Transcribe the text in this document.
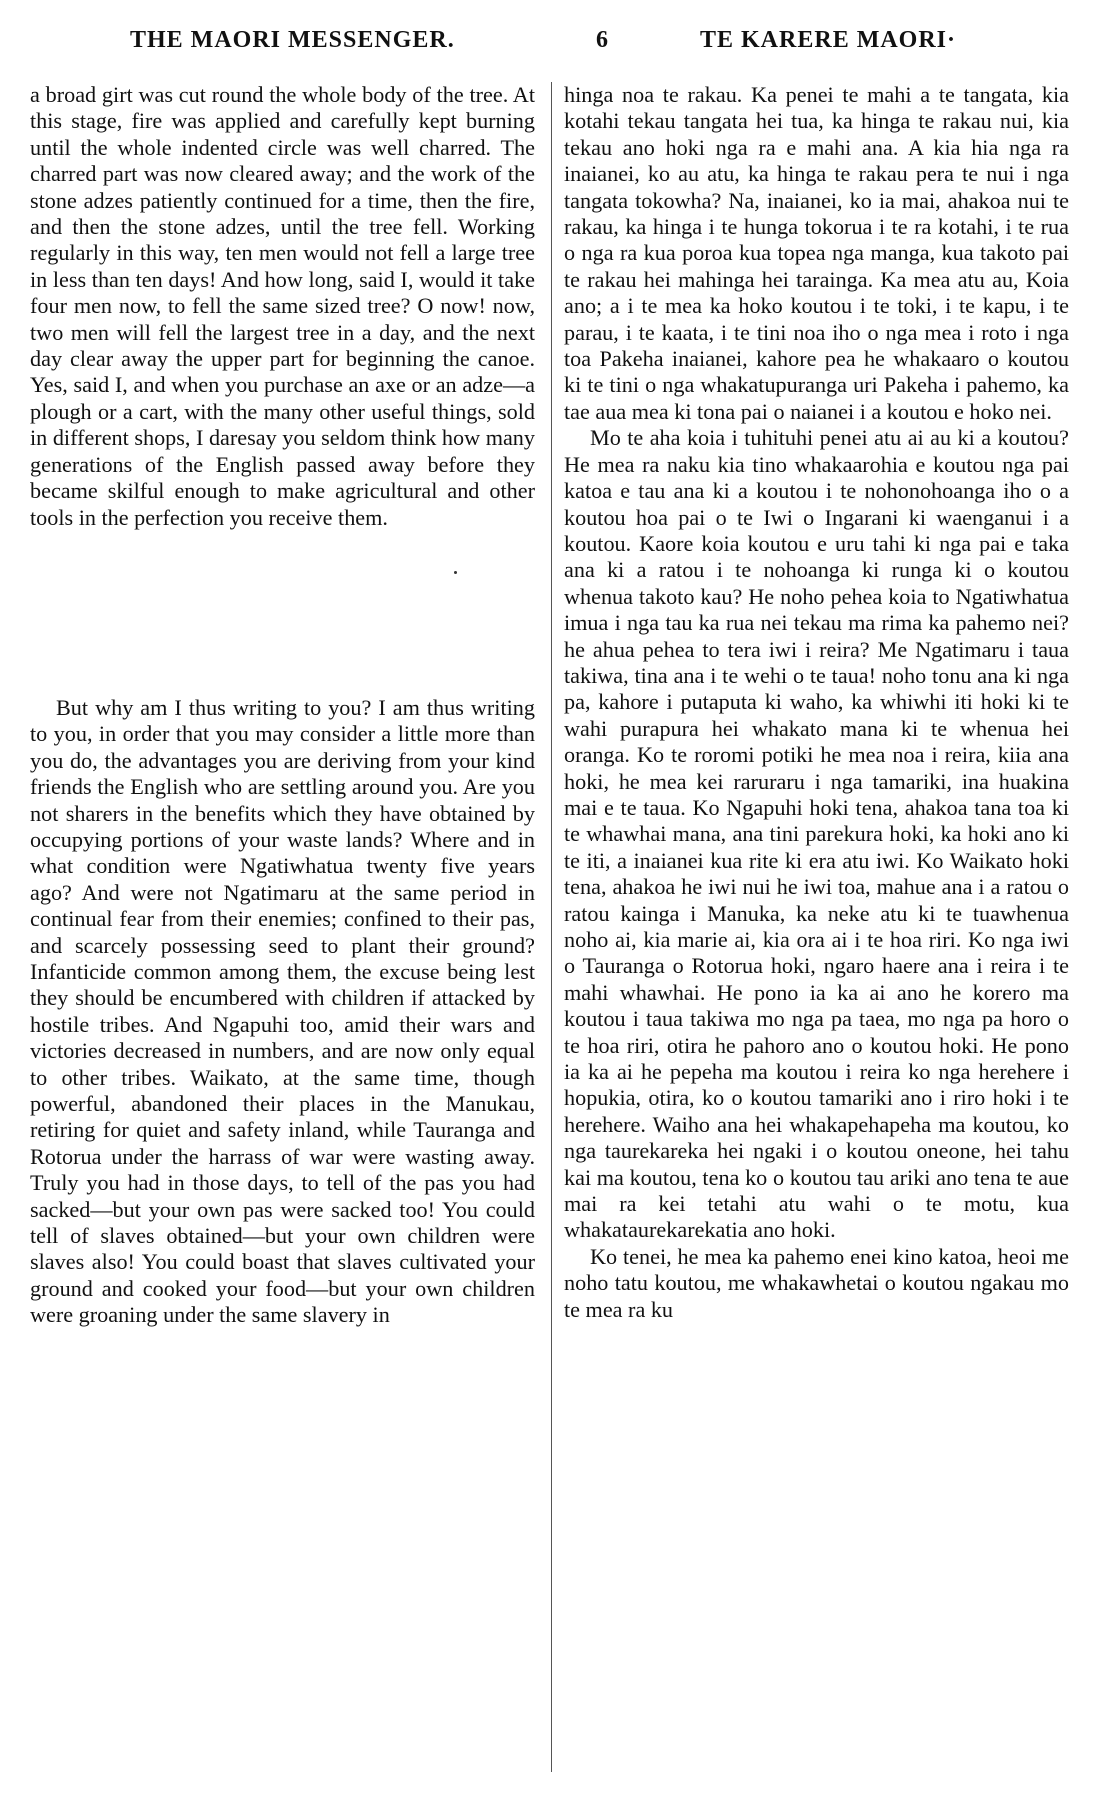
THE MAORI MESSENGER.	6	TE KARERE MAORI·

a broad girt was cut round the whole body of the tree. At this stage, fire was applied and carefully kept burning until the whole indented circle was well charred. The charred part was now cleared away; and the work of the stone adzes patiently continued for a time, then the fire, and then the stone adzes, until the tree fell. Working regularly in this way, ten men would not fell a large tree in less than ten days! And how long, said I, would it take four men now, to fell the same sized tree? O now! now, two men will fell the largest tree in a day, and the next day clear away the upper part for beginning the canoe. Yes, said I, and when you purchase an axe or an adze—a plough or a cart, with the many other useful things, sold in different shops, I daresay you seldom think how many generations of the English passed away before they became skilful enough to make agricultural and other tools in the perfection you receive them.

But why am I thus writing to you? I am thus writing to you, in order that you may consider a little more than you do, the advantages you are deriving from your kind friends the English who are settling around you. Are you not sharers in the benefits which they have obtained by occupying portions of your waste lands? Where and in what condition were Ngatiwhatua twenty five years ago? And were not Ngatimaru at the same period in continual fear from their enemies; confined to their pas, and scarcely possessing seed to plant their ground? Infanticide common among them, the excuse being lest they should be encumbered with children if attacked by hostile tribes. And Ngapuhi too, amid their wars and victories decreased in numbers, and are now only equal to other tribes. Waikato, at the same time, though powerful, abandoned their places in the Manukau, retiring for quiet and safety inland, while Tauranga and Rotorua under the harrass of war were wasting away. Truly you had in those days, to tell of the pas you had sacked—but your own pas were sacked too! You could tell of slaves obtained—but your own children were slaves also! You could boast that slaves cultivated your ground and cooked your food—but your own children were groaning under the same slavery in

hinga noa te rakau. Ka penei te mahi a te tangata, kia kotahi tekau tangata hei tua, ka hinga te rakau nui, kia tekau ano hoki nga ra e mahi ana. A kia hia nga ra inaianei, ko au atu, ka hinga te rakau pera te nui i nga tangata tokowha? Na, inaianei, ko ia mai, ahakoa nui te rakau, ka hinga i te hunga tokorua i te ra kotahi, i te rua o nga ra kua poroa kua topea nga manga, kua takoto pai te rakau hei mahinga hei tarainga. Ka mea atu au, Koia ano; a i te mea ka hoko koutou i te toki, i te kapu, i te parau, i te kaata, i te tini noa iho o nga mea i roto i nga toa Pakeha inaianei, kahore pea he whakaaro o koutou ki te tini o nga whakatupuranga uri Pakeha i pahemo, ka tae aua mea ki tona pai o naianei i a koutou e hoko nei.

Mo te aha koia i tuhituhi penei atu ai au ki a koutou? He mea ra naku kia tino whakaarohia e koutou nga pai katoa e tau ana ki a koutou i te nohonohoanga iho o a koutou hoa pai o te Iwi o Ingarani ki waenganui i a koutou. Kaore koia koutou e uru tahi ki nga pai e taka ana ki a ratou i te nohoanga ki runga ki o koutou whenua takoto kau? He noho pehea koia to Ngatiwhatua imua i nga tau ka rua nei tekau ma rima ka pahemo nei? he ahua pehea to tera iwi i reira? Me Ngatimaru i taua takiwa, tina ana i te wehi o te taua! noho tonu ana ki nga pa, kahore i putaputa ki waho, ka whiwhi iti hoki ki te wahi purapura hei whakato mana ki te whenua hei oranga. Ko te roromi potiki he mea noa i reira, kiia ana hoki, he mea kei raruraru i nga tamariki, ina huakina mai e te taua. Ko Ngapuhi hoki tena, ahakoa tana toa ki te whawhai mana, ana tini parekura hoki, ka hoki ano ki te iti, a inaianei kua rite ki era atu iwi. Ko Waikato hoki tena, ahakoa he iwi nui he iwi toa, mahue ana i a ratou o ratou kainga i Manuka, ka neke atu ki te tuawhenua noho ai, kia marie ai, kia ora ai i te hoa riri. Ko nga iwi o Tauranga o Rotorua hoki, ngaro haere ana i reira i te mahi whawhai. He pono ia ka ai ano he korero ma koutou i taua takiwa mo nga pa taea, mo nga pa horo o te hoa riri, otira he pahoro ano o koutou hoki. He pono ia ka ai he pepeha ma koutou i reira ko nga herehere i hopukia, otira, ko o koutou tamariki ano i riro hoki i te herehere. Waiho ana hei whakapehapeha ma koutou, ko nga taurekareka hei ngaki i o koutou oneone, hei tahu kai ma koutou, tena ko o koutou tau ariki ano tena te aue mai ra kei tetahi atu wahi o te motu, kua whakataurekarekatia ano hoki.

Ko tenei, he mea ka pahemo enei kino katoa, heoi me noho tatu koutou, me whakawhetai o koutou ngakau mo te mea ra ku
